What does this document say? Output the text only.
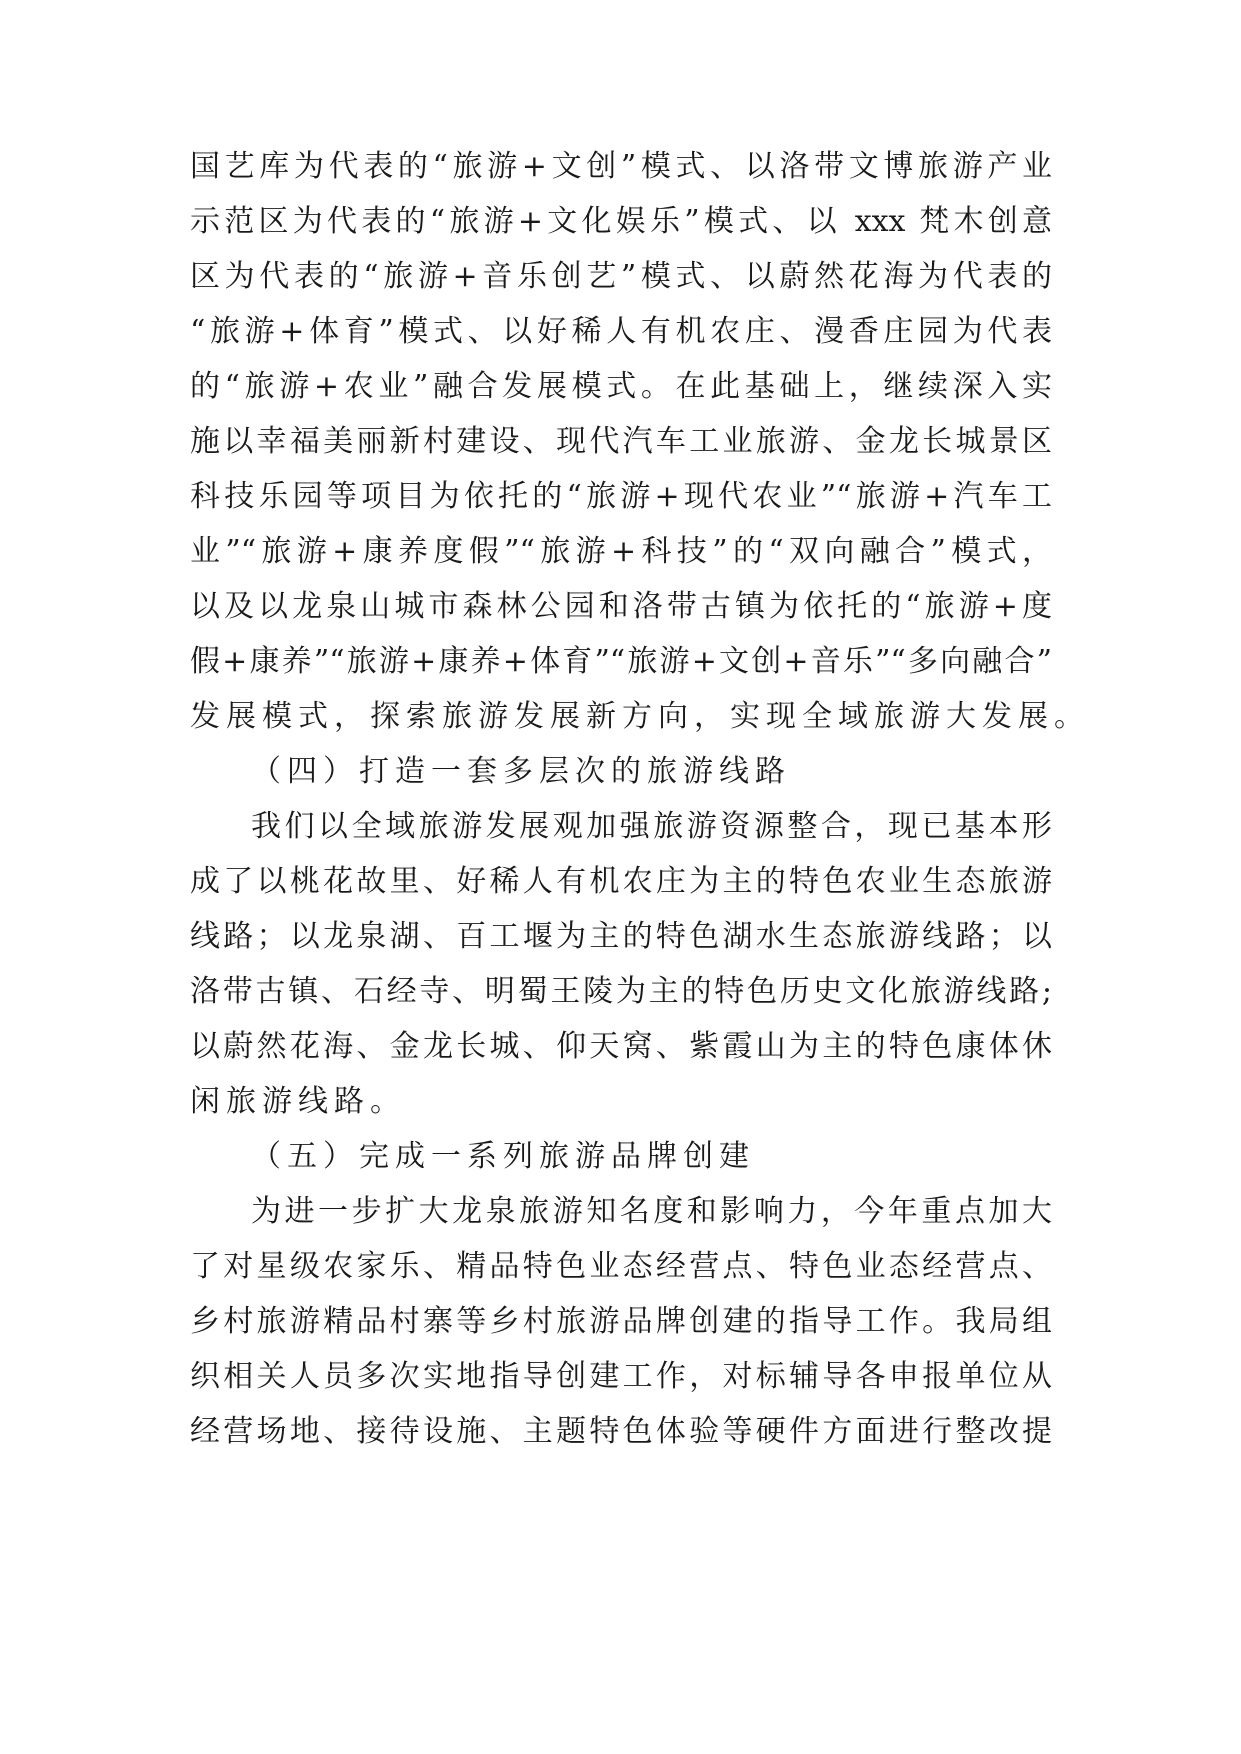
国艺库为代表的“旅游+文创”模式、以洛带文博旅游产业
示范区为代表的“旅游+文化娱乐”模式、以 xxx 梵木创意
区为代表的“旅游+音乐创艺”模式、以蔚然花海为代表的
“旅游+体育”模式、以好稀人有机农庄、漫香庄园为代表
的“旅游+农业”融合发展模式。在此基础上，继续深入实
施以幸福美丽新村建设、现代汽车工业旅游、金龙长城景区
科技乐园等项目为依托的“旅游+现代农业”“旅游+汽车工
业”“旅游+康养度假”“旅游+科技”的“双向融合”模式，
以及以龙泉山城市森林公园和洛带古镇为依托的“旅游+度
假+康养”“旅游+康养+体育”“旅游+文创+音乐”“多向融合”
发展模式，探索旅游发展新方向，实现全域旅游大发展。
（四）打造一套多层次的旅游线路
我们以全域旅游发展观加强旅游资源整合，现已基本形
成了以桃花故里、好稀人有机农庄为主的特色农业生态旅游
线路；以龙泉湖、百工堰为主的特色湖水生态旅游线路；以
洛带古镇、石经寺、明蜀王陵为主的特色历史文化旅游线路;
以蔚然花海、金龙长城、仰天窝、紫霞山为主的特色康体休
闲旅游线路。
（五）完成一系列旅游品牌创建
为进一步扩大龙泉旅游知名度和影响力，今年重点加大
了对星级农家乐、精品特色业态经营点、特色业态经营点、
乡村旅游精品村寨等乡村旅游品牌创建的指导工作。我局组
织相关人员多次实地指导创建工作，对标辅导各申报单位从
经营场地、接待设施、主题特色体验等硬件方面进行整改提
